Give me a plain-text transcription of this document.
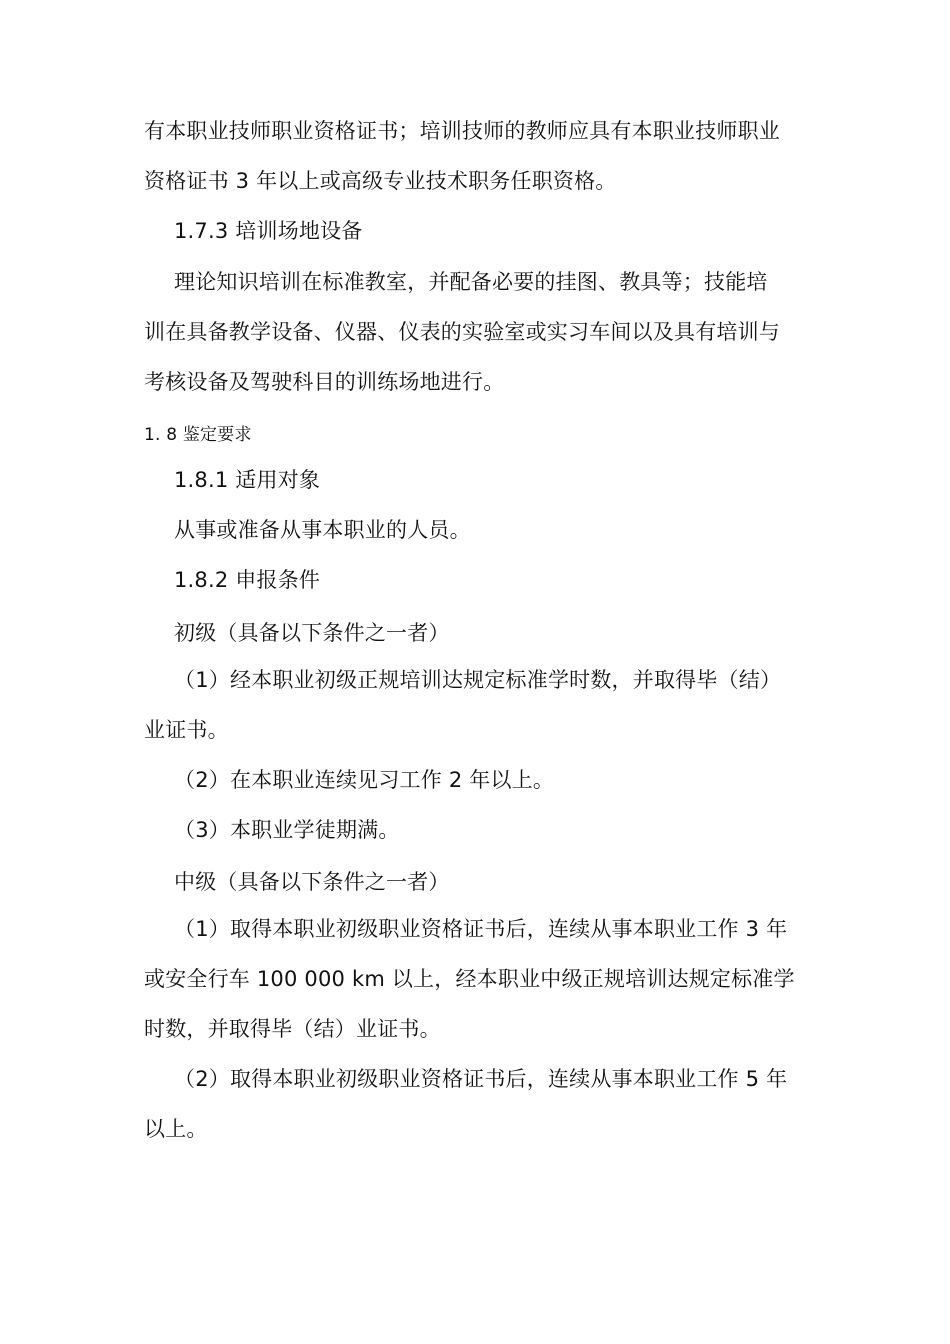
有本职业技师职业资格证书；培训技师的教师应具有本职业技师职业
资格证书 3 年以上或高级专业技术职务任职资格。
1.7.3 培训场地设备
理论知识培训在标准教室，并配备必要的挂图、教具等；技能培
训在具备教学设备、仪器、仪表的实验室或实习车间以及具有培训与
考核设备及驾驶科目的训练场地进行。
1. 8 鉴定要求
1.8.1 适用对象
从事或准备从事本职业的人员。
1.8.2 申报条件
初级（具备以下条件之一者）
（1）经本职业初级正规培训达规定标准学时数，并取得毕（结）
业证书。
（2）在本职业连续见习工作 2 年以上。
（3）本职业学徒期满。
中级（具备以下条件之一者）
（1）取得本职业初级职业资格证书后，连续从事本职业工作 3 年
或安全行车 100 000 km 以上，经本职业中级正规培训达规定标准学
时数，并取得毕（结）业证书。
（2）取得本职业初级职业资格证书后，连续从事本职业工作 5 年
以上。
